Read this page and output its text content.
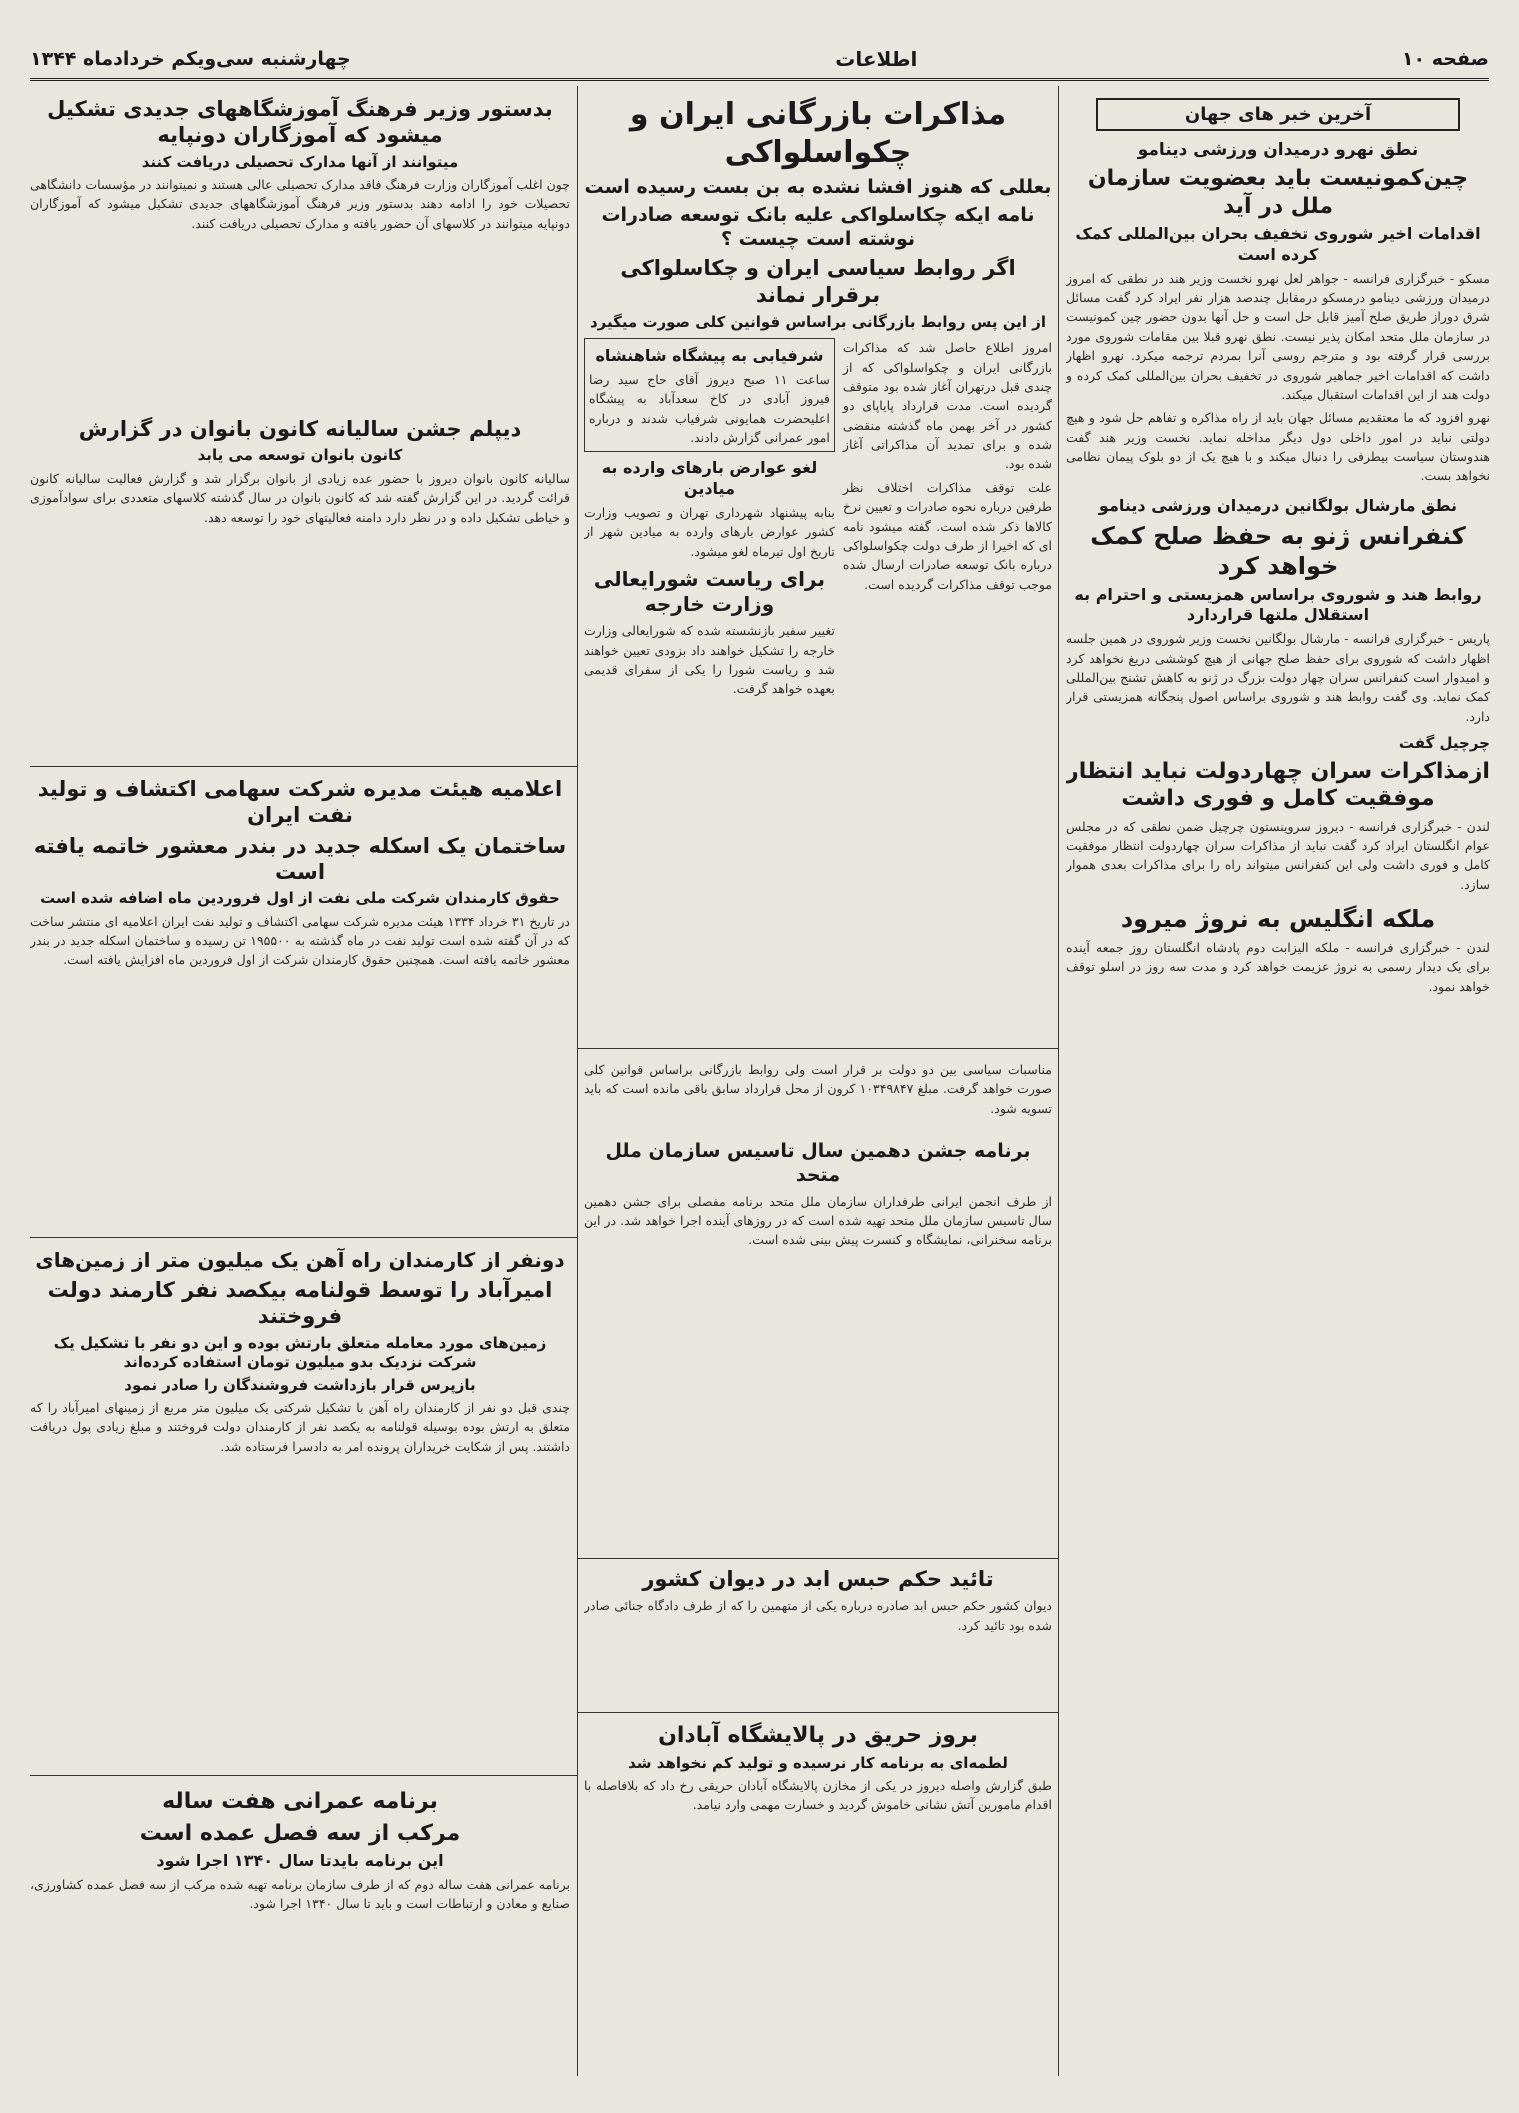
صفحه ۱۰
اطلاعات
چهارشنبه سی‌ویکم خردادماه ۱۳۴۴
آخرین خبر های جهان
نطق نهرو درمیدان ورزشی دینامو
چین‌کمونیست باید بعضویت سازمان ملل در آید
اقدامات اخیر شوروی تخفیف بحران بین‌المللی کمک کرده است
مسکو - خبرگزاری فرانسه - جواهر لعل نهرو نخست وزیر هند در نطقی که امروز درمیدان ورزشی دینامو درمسکو درمقابل چندصد هزار نفر ایراد کرد گفت مسائل شرق دوراز طریق صلح آمیز قابل حل است و حل آنها بدون حضور چین کمونیست در سازمان ملل متحد امکان پذیر نیست. نطق نهرو قبلا بین مقامات شوروی مورد بررسی قرار گرفته بود و مترجم روسی آنرا بمردم ترجمه میکرد. نهرو اظهار داشت که اقدامات اخیر جماهیر شوروی در تخفیف بحران بین‌المللی کمک کرده و دولت هند از این اقدامات استقبال میکند.
نهرو افزود که ما معتقدیم مسائل جهان باید از راه مذاکره و تفاهم حل شود و هیچ دولتی نباید در امور داخلی دول دیگر مداخله نماید. نخست وزیر هند گفت هندوستان سیاست بیطرفی را دنبال میکند و با هیچ یک از دو بلوک پیمان نظامی نخواهد بست.
نطق مارشال بولگانین درمیدان ورزشی دینامو
کنفرانس ژنو به حفظ صلح کمک خواهد کرد
روابط هند و شوروی براساس همزیستی و احترام به استقلال ملتها قراردارد
پاریس - خبرگزاری فرانسه - مارشال بولگانین نخست وزیر شوروی در همین جلسه اظهار داشت که شوروی برای حفظ صلح جهانی از هیچ کوششی دریغ نخواهد کرد و امیدوار است کنفرانس سران چهار دولت بزرگ در ژنو به کاهش تشنج بین‌المللی کمک نماید. وی گفت روابط هند و شوروی براساس اصول پنجگانه همزیستی قرار دارد.
چرچیل گفت
ازمذاکرات سران چهاردولت نباید انتظار موفقیت کامل و فوری داشت
لندن - خبرگزاری فرانسه - دیروز سروینستون چرچیل ضمن نطقی که در مجلس عوام انگلستان ایراد کرد گفت نباید از مذاکرات سران چهاردولت انتظار موفقیت کامل و فوری داشت ولی این کنفرانس میتواند راه را برای مذاکرات بعدی هموار سازد.
ملکه انگلیس به نروژ میرود
لندن - خبرگزاری فرانسه - ملکه الیزابت دوم پادشاه انگلستان روز جمعه آینده برای یک دیدار رسمی به نروژ عزیمت خواهد کرد و مدت سه روز در اسلو توقف خواهد نمود.
مذاکرات بازرگانی ایران و چکواسلواکی
بعللی که هنوز افشا نشده به بن بست رسیده است
نامه ایکه چکاسلواکی علیه بانک توسعه صادرات نوشته است چیست ؟
اگر روابط سیاسی ایران و چکاسلواکی برقرار نماند
از این پس روابط بازرگانی براساس قوانین کلی صورت میگیرد
امروز اطلاع حاصل شد که مذاکرات بازرگانی ایران و چکواسلواکی که از چندی قبل درتهران آغاز شده بود متوقف گردیده است. مدت قرارداد پایاپای دو کشور در آخر بهمن ماه گذشته منقضی شده و برای تمدید آن مذاکراتی آغاز شده بود.
علت توقف مذاکرات اختلاف نظر طرفین درباره نحوه صادرات و تعیین نرخ کالاها ذکر شده است. گفته میشود نامه ای که اخیرا از طرف دولت چکواسلواکی درباره بانک توسعه صادرات ارسال شده موجب توقف مذاکرات گردیده است.
شرفیابی به پیشگاه شاهنشاه
ساعت ۱۱ صبح دیروز آقای حاج سید رضا فیروز آبادی در کاخ سعدآباد به پیشگاه اعلیحضرت همایونی شرفیاب شدند و درباره امور عمرانی گزارش دادند.
لغو عوارض بارهای وارده به میادین
بنابه پیشنهاد شهرداری تهران و تصویب وزارت کشور عوارض بارهای وارده به میادین شهر از تاریخ اول تیرماه لغو میشود.
برای ریاست شورایعالی وزارت خارجه
تغییر سفیر بازنشسته شده که شورایعالی وزارت خارجه را تشکیل خواهند داد بزودی تعیین خواهند شد و ریاست شورا را یکی از سفرای قدیمی بعهده خواهد گرفت.
مناسبات سیاسی بین دو دولت بر قرار است ولی روابط بازرگانی براساس قوانین کلی صورت خواهد گرفت. مبلغ ۱۰۳۴۹۸۴۷ کرون از محل قرارداد سابق باقی مانده است که باید تسویه شود.
برنامه جشن دهمین سال تاسیس سازمان ملل متحد
از طرف انجمن ایرانی طرفداران سازمان ملل متحد برنامه مفصلی برای جشن دهمین سال تاسیس سازمان ملل متحد تهیه شده است که در روزهای آینده اجرا خواهد شد. در این برنامه سخنرانی، نمایشگاه و کنسرت پیش بینی شده است.
تائید حکم حبس ابد در دیوان کشور
دیوان کشور حکم حبس ابد صادره درباره یکی از متهمین را که از طرف دادگاه جنائی صادر شده بود تائید کرد.
بروز حریق در پالایشگاه آبادان
لطمه‌ای به برنامه کار نرسیده و تولید کم نخواهد شد
طبق گزارش واصله دیروز در یکی از مخازن پالایشگاه آبادان حریقی رخ داد که بلافاصله با اقدام مامورین آتش نشانی خاموش گردید و خسارت مهمی وارد نیامد.
بدستور وزیر فرهنگ آموزشگاههای جدیدی تشکیل میشود که آموزگاران دونپایه
میتوانند از آنها مدارک تحصیلی دریافت کنند
چون اغلب آموزگاران وزارت فرهنگ فاقد مدارک تحصیلی عالی هستند و نمیتوانند در مؤسسات دانشگاهی تحصیلات خود را ادامه دهند بدستور وزیر فرهنگ آموزشگاههای جدیدی تشکیل میشود که آموزگاران دونپایه میتوانند در کلاسهای آن حضور یافته و مدارک تحصیلی دریافت کنند.
دیپلم جشن سالیانه کانون بانوان در گزارش
کانون بانوان توسعه می یابد
سالیانه کانون بانوان دیروز با حضور عده زیادی از بانوان برگزار شد و گزارش فعالیت سالیانه کانون قرائت گردید. در این گزارش گفته شد که کانون بانوان در سال گذشته کلاسهای متعددی برای سوادآموزی و خیاطی تشکیل داده و در نظر دارد دامنه فعالیتهای خود را توسعه دهد.
اعلامیه هیئت مدیره شرکت سهامی اکتشاف و تولید نفت ایران
ساختمان یک اسکله جدید در بندر معشور خاتمه یافته است
حقوق کارمندان شرکت ملی نفت از اول فروردین ماه اضافه شده است
در تاریخ ۳۱ خرداد ۱۳۳۴ هیئت مدیره شرکت سهامی اکتشاف و تولید نفت ایران اعلامیه ای منتشر ساخت که در آن گفته شده است تولید نفت در ماه گذشته به ۱۹۵۵۰۰ تن رسیده و ساختمان اسکله جدید در بندر معشور خاتمه یافته است. همچنین حقوق کارمندان شرکت از اول فروردین ماه افزایش یافته است.
دونفر از کارمندان راه آهن یک میلیون متر از زمین‌های
امیرآباد را توسط قولنامه بیکصد نفر کارمند دولت فروختند
زمین‌های مورد معامله متعلق بارتش بوده و این دو نفر با تشکیل یک شرکت نزدیک بدو میلیون تومان استفاده کرده‌اند
بازپرس قرار بازداشت فروشندگان را صادر نمود
چندی قبل دو نفر از کارمندان راه آهن با تشکیل شرکتی یک میلیون متر مربع از زمینهای امیرآباد را که متعلق به ارتش بوده بوسیله قولنامه به یکصد نفر از کارمندان دولت فروختند و مبلغ زیادی پول دریافت داشتند. پس از شکایت خریداران پرونده امر به دادسرا فرستاده شد.
برنامه عمرانی هفت ساله
مرکب از سه فصل عمده است
این برنامه بایدتا سال ۱۳۴۰ اجرا شود
برنامه عمرانی هفت ساله دوم که از طرف سازمان برنامه تهیه شده مرکب از سه فصل عمده کشاورزی، صنایع و معادن و ارتباطات است و باید تا سال ۱۳۴۰ اجرا شود.
